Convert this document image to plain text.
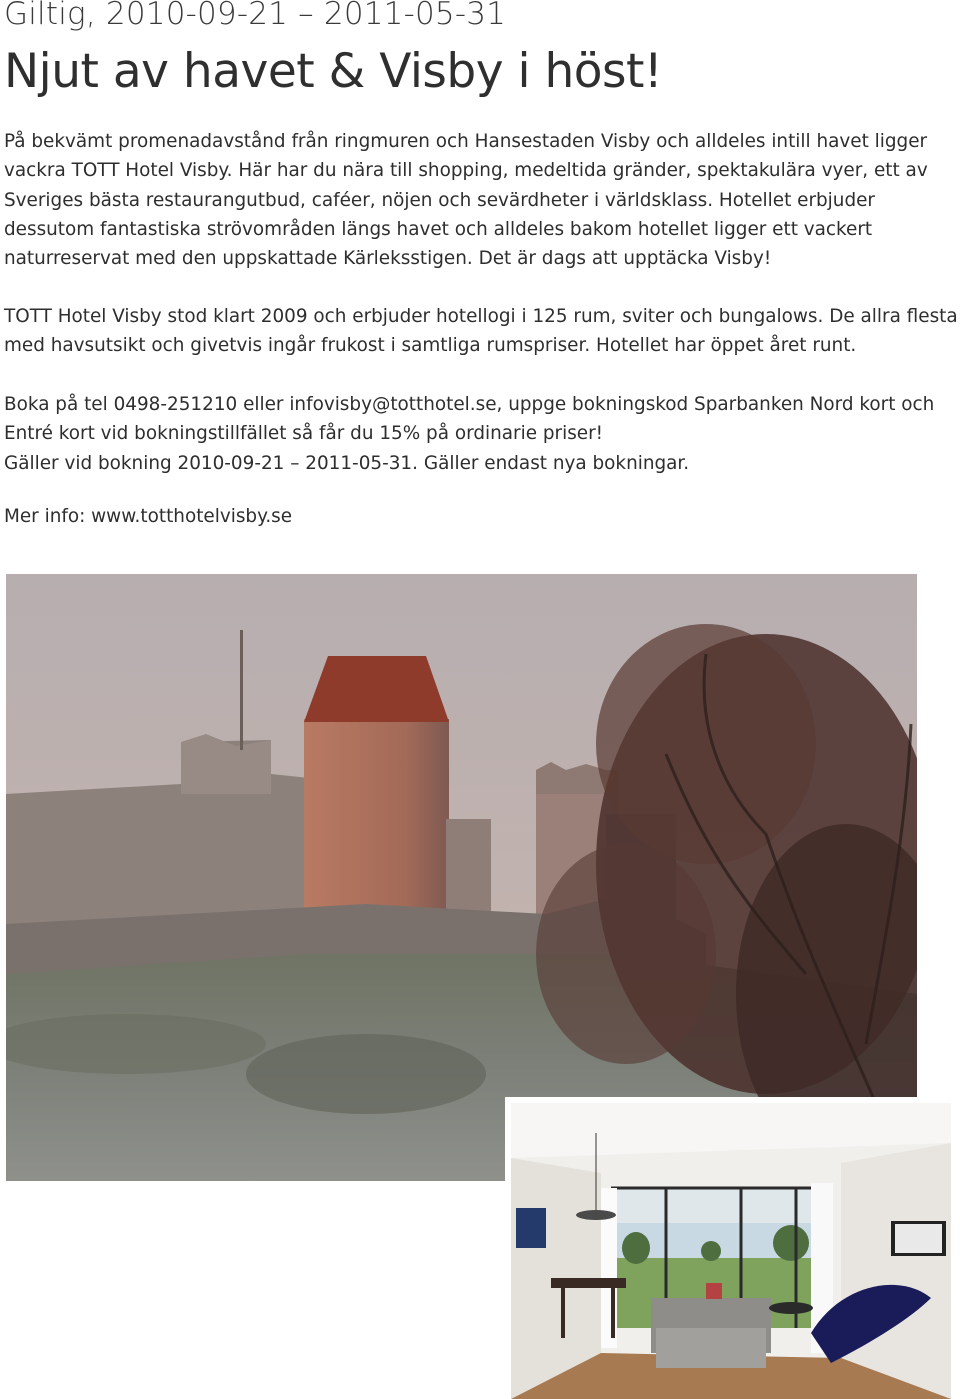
Giltig, 2010-09-21 – 2011-05-31
Njut av havet & Visby i höst!

På bekvämt promenadavstånd från ringmuren och Hansestaden Visby och alldeles intill havet ligger vackra TOTT Hotel Visby. Här har du nära till shopping, medeltida gränder, spektakulära vyer, ett av Sveriges bästa restaurangutbud, caféer, nöjen och sevärdheter i världsklass. Hotellet erbjuder dessutom fantastiska strövområden längs havet och alldeles bakom hotellet ligger ett vackert naturreservat med den uppskattade Kärleksstigen. Det är dags att upptäcka Visby!

TOTT Hotel Visby stod klart 2009 och erbjuder hotellogi i 125 rum, sviter och bungalows. De allra flesta med havsutsikt och givetvis ingår frukost i samtliga rumspriser. Hotellet har öppet året runt.

Boka på tel 0498-251210 eller infovisby@totthotel.se, uppge bokningskod Sparbanken Nord kort och Entré kort vid bokningstillfället så får du 15% på ordinarie priser!
Gäller vid bokning 2010-09-21 – 2011-05-31. Gäller endast nya bokningar.

Mer info: www.totthotelvisby.se
